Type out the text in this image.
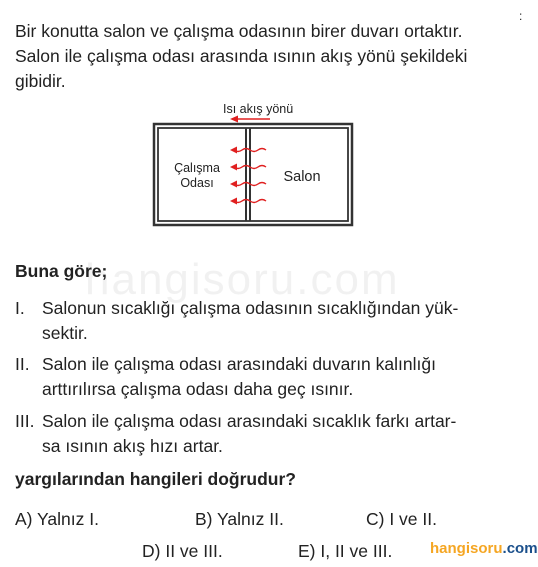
hangisoru.com
:
Bir konutta salon ve çalışma odasının birer duvarı ortaktır.
Salon ile çalışma odası arasında ısının akış yönü şekildeki
gibidir.
Isı akış yönü
Çalışma
Odası	Salon
Buna göre;
I. Salonun sıcaklığı çalışma odasının sıcaklığından yük-
sektir.
II. Salon ile çalışma odası arasındaki duvarın kalınlığı
arttırılırsa çalışma odası daha geç ısınır.
III. Salon ile çalışma odası arasındaki sıcaklık farkı artar-
sa ısının akış hızı artar.
yargılarından hangileri doğrudur?
A) Yalnız I.	B) Yalnız II.	C) I ve II.
D) II ve III.	E) I, II ve III.	hangisoru.com
